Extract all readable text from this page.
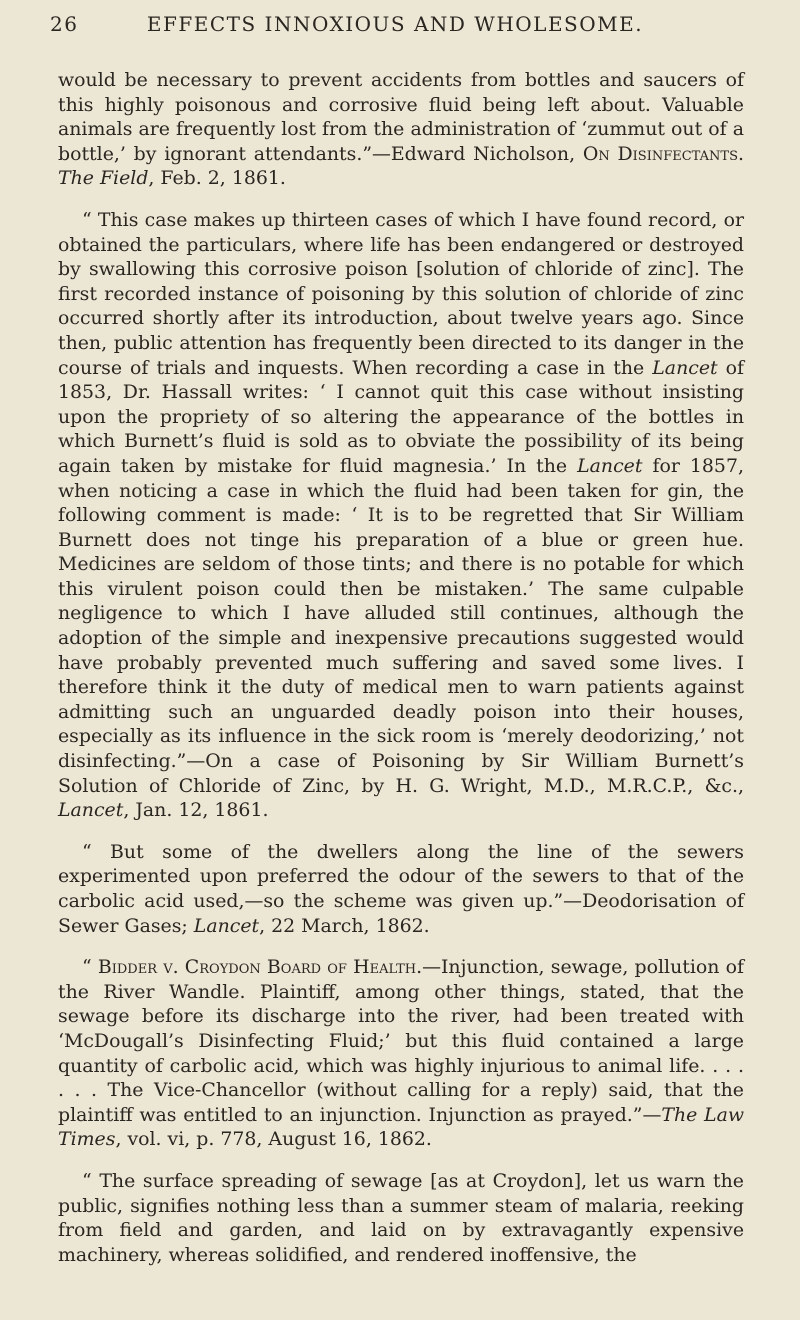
26	EFFECTS INNOXIOUS AND WHOLESOME.

would be necessary to prevent accidents from bottles and saucers of this highly poisonous and corrosive fluid being left about. Valuable animals are frequently lost from the administration of ‘zummut out of a bottle,’ by ignorant attendants.”—Edward Nicholson, On Disinfectants. The Field, Feb. 2, 1861.

“ This case makes up thirteen cases of which I have found record, or obtained the particulars, where life has been endangered or destroyed by swallowing this corrosive poison [solution of chloride of zinc]. The first recorded instance of poisoning by this solution of chloride of zinc occurred shortly after its introduction, about twelve years ago. Since then, public attention has frequently been directed to its danger in the course of trials and inquests. When recording a case in the Lancet of 1853, Dr. Hassall writes: ‘ I cannot quit this case without insisting upon the propriety of so altering the appearance of the bottles in which Burnett’s fluid is sold as to obviate the possibility of its being again taken by mistake for fluid magnesia.’ In the Lancet for 1857, when noticing a case in which the fluid had been taken for gin, the following comment is made: ‘ It is to be regretted that Sir William Burnett does not tinge his preparation of a blue or green hue. Medicines are seldom of those tints; and there is no potable for which this virulent poison could then be mistaken.’ The same culpable negligence to which I have alluded still continues, although the adoption of the simple and inexpensive precautions suggested would have probably prevented much suffering and saved some lives. I therefore think it the duty of medical men to warn patients against admitting such an unguarded deadly poison into their houses, especially as its influence in the sick room is ‘merely deodorizing,’ not disinfecting.”—On a case of Poisoning by Sir William Burnett’s Solution of Chloride of Zinc, by H. G. Wright, M.D., M.R.C.P., &c., Lancet, Jan. 12, 1861.

“ But some of the dwellers along the line of the sewers experimented upon preferred the odour of the sewers to that of the carbolic acid used,—so the scheme was given up.”—Deodorisation of Sewer Gases; Lancet, 22 March, 1862.

“ Bidder v. Croydon Board of Health.—Injunction, sewage, pollution of the River Wandle. Plaintiff, among other things, stated, that the sewage before its discharge into the river, had been treated with ‘McDougall’s Disinfecting Fluid;’ but this fluid contained a large quantity of carbolic acid, which was highly injurious to animal life. . . . . . . The Vice-Chancellor (without calling for a reply) said, that the plaintiff was entitled to an injunction. Injunction as prayed.”—The Law Times, vol. vi, p. 778, August 16, 1862.

“ The surface spreading of sewage [as at Croydon], let us warn the public, signifies nothing less than a summer steam of malaria, reeking from field and garden, and laid on by extravagantly expensive machinery, whereas solidified, and rendered inoffensive, the
